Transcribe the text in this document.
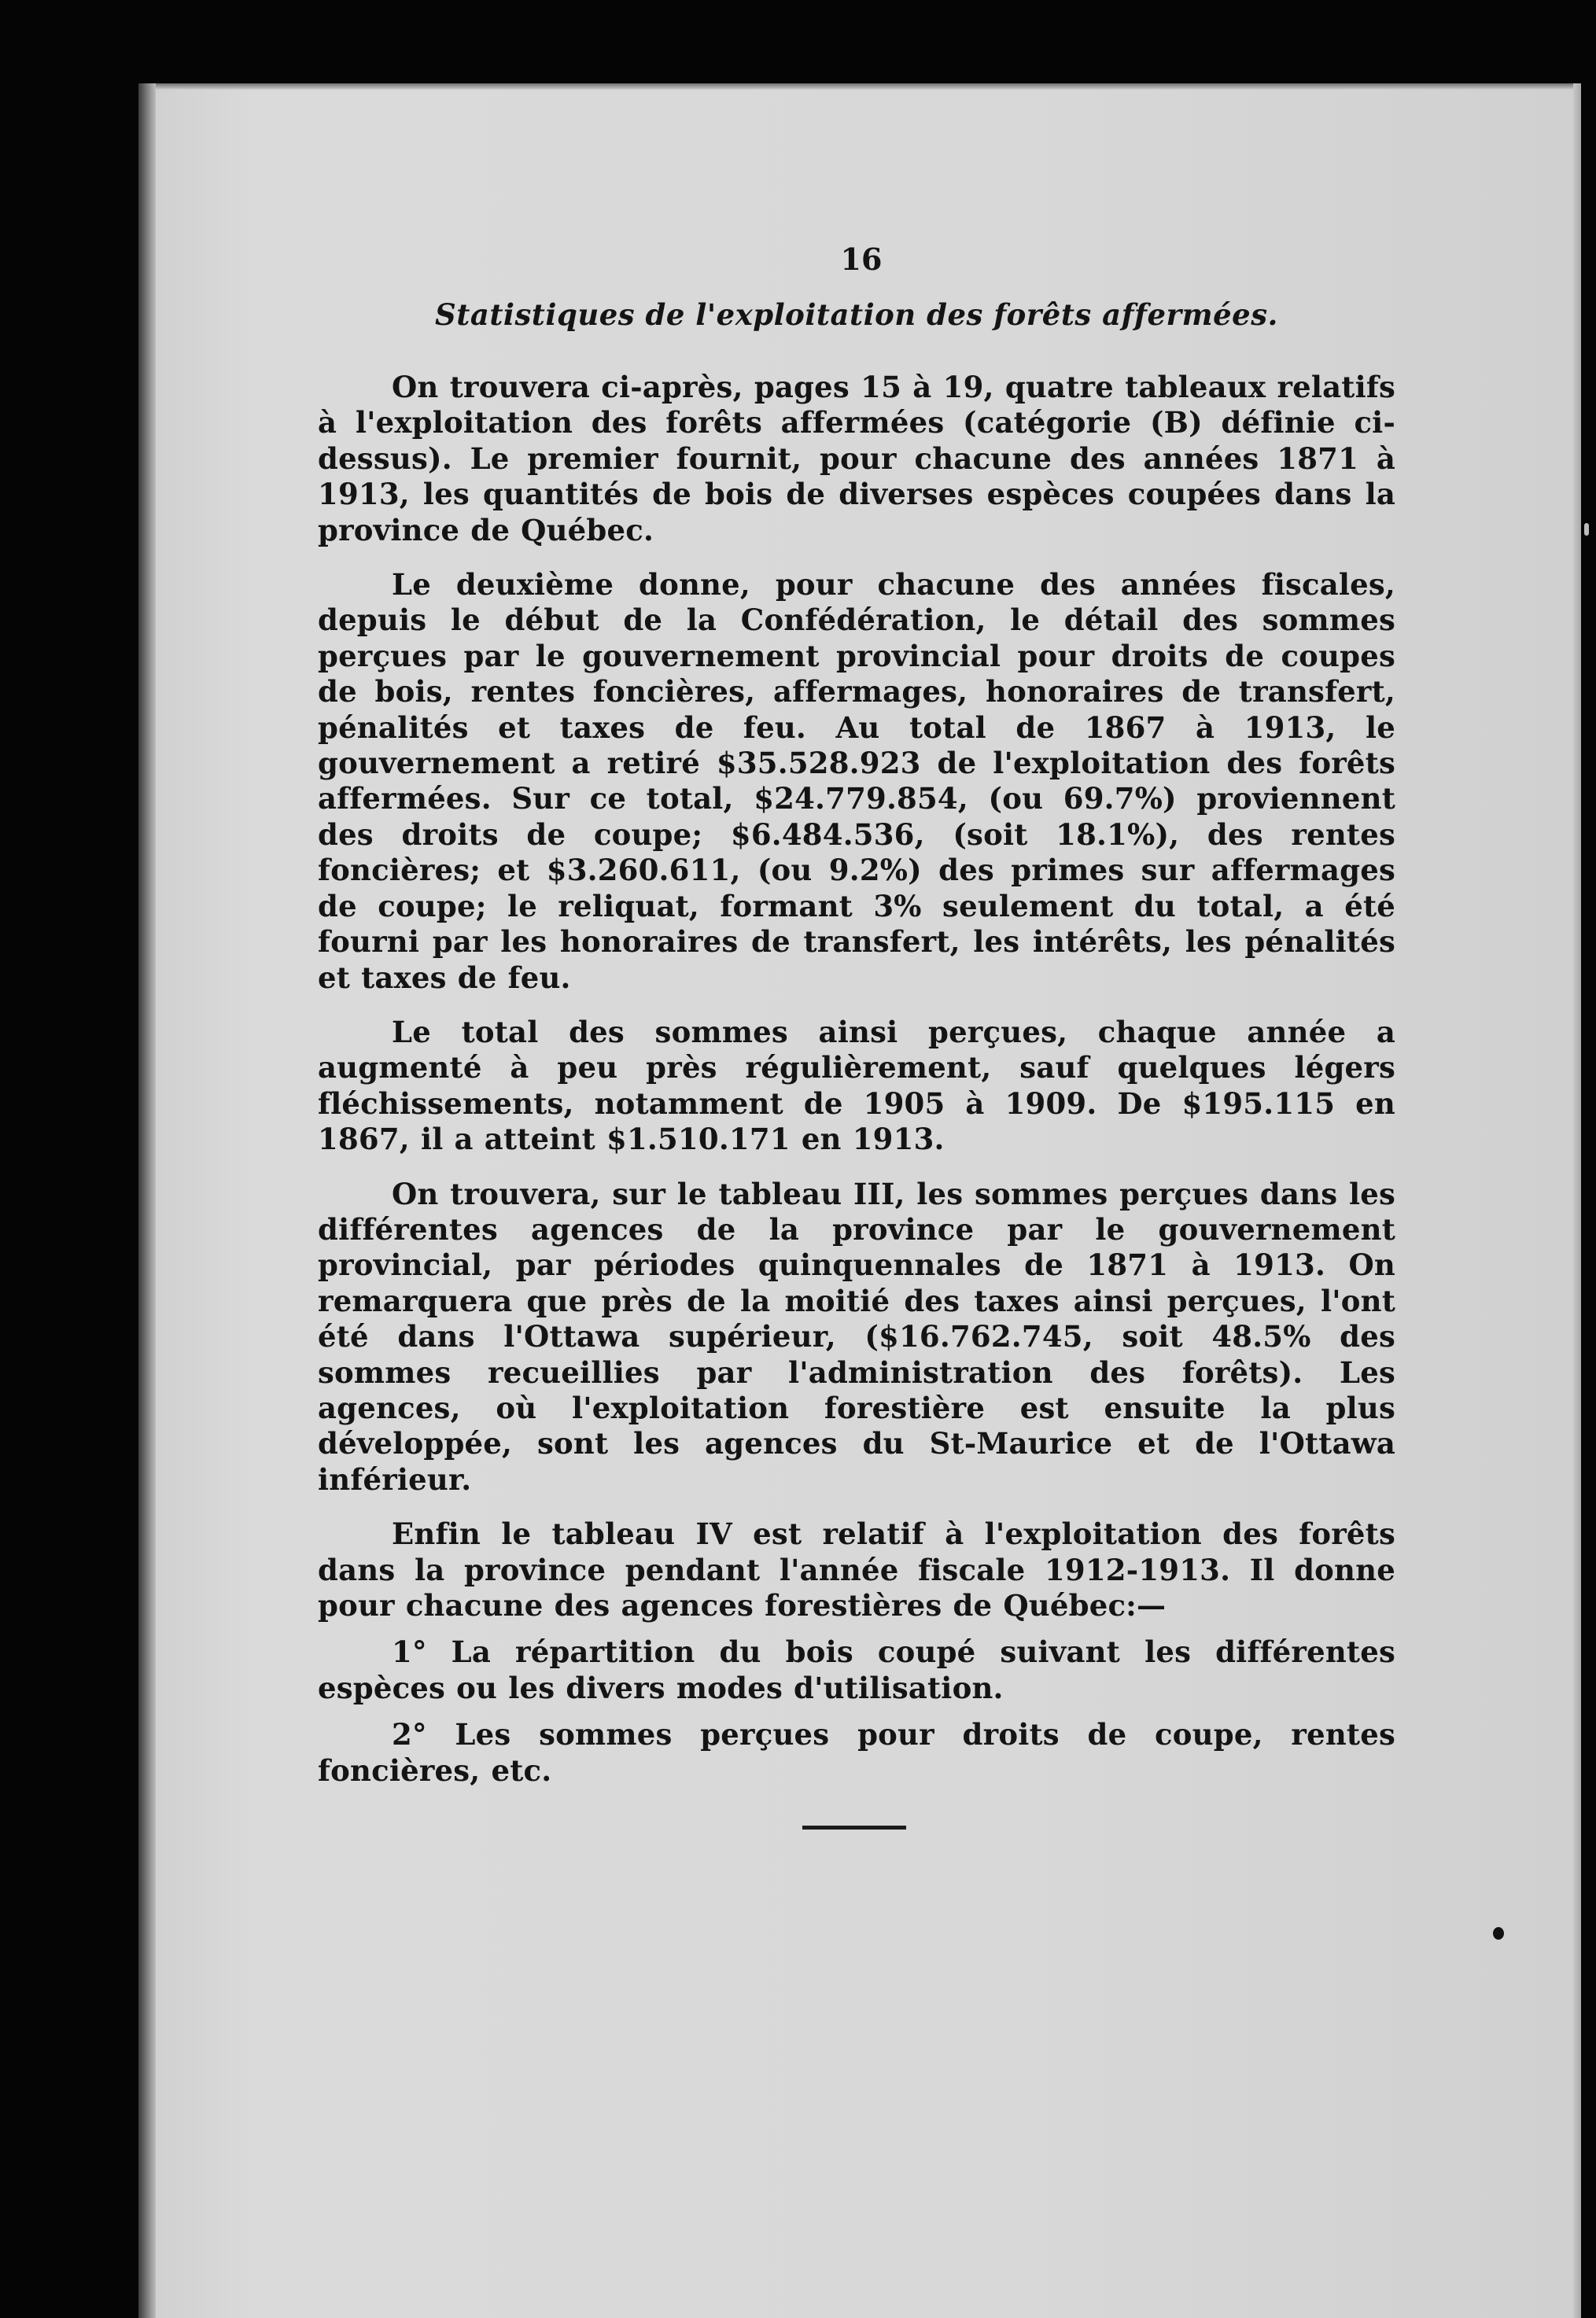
16
Statistiques de l'exploitation des forêts affermées.

On trouvera ci-après, pages 15 à 19, quatre tableaux relatifs à l'exploitation des forêts affermées (catégorie (B) définie ci-dessus). Le premier fournit, pour chacune des années 1871 à 1913, les quantités de bois de diverses espèces coupées dans la province de Québec.

Le deuxième donne, pour chacune des années fiscales, depuis le début de la Confédération, le détail des sommes perçues par le gouvernement provincial pour droits de coupes de bois, rentes foncières, affermages, honoraires de transfert, pénalités et taxes de feu. Au total de 1867 à 1913, le gouvernement a retiré $35.528.923 de l'exploitation des forêts affermées. Sur ce total, $24.779.854, (ou 69.7%) proviennent des droits de coupe; $6.484.536, (soit 18.1%), des rentes foncières; et $3.260.611, (ou 9.2%) des primes sur affermages de coupe; le reliquat, formant 3% seulement du total, a été fourni par les honoraires de transfert, les intérêts, les pénalités et taxes de feu.

Le total des sommes ainsi perçues, chaque année a augmenté à peu près régulièrement, sauf quelques légers fléchissements, notamment de 1905 à 1909. De $195.115 en 1867, il a atteint $1.510.171 en 1913.

On trouvera, sur le tableau III, les sommes perçues dans les différentes agences de la province par le gouvernement provincial, par périodes quinquennales de 1871 à 1913. On remarquera que près de la moitié des taxes ainsi perçues, l'ont été dans l'Ottawa supérieur, ($16.762.745, soit 48.5% des sommes recueillies par l'administration des forêts). Les agences, où l'exploitation forestière est ensuite la plus développée, sont les agences du St-Maurice et de l'Ottawa inférieur.

Enfin le tableau IV est relatif à l'exploitation des forêts dans la province pendant l'année fiscale 1912-1913. Il donne pour chacune des agences forestières de Québec:—

1° La répartition du bois coupé suivant les différentes espèces ou les divers modes d'utilisation.

2° Les sommes perçues pour droits de coupe, rentes foncières, etc.
